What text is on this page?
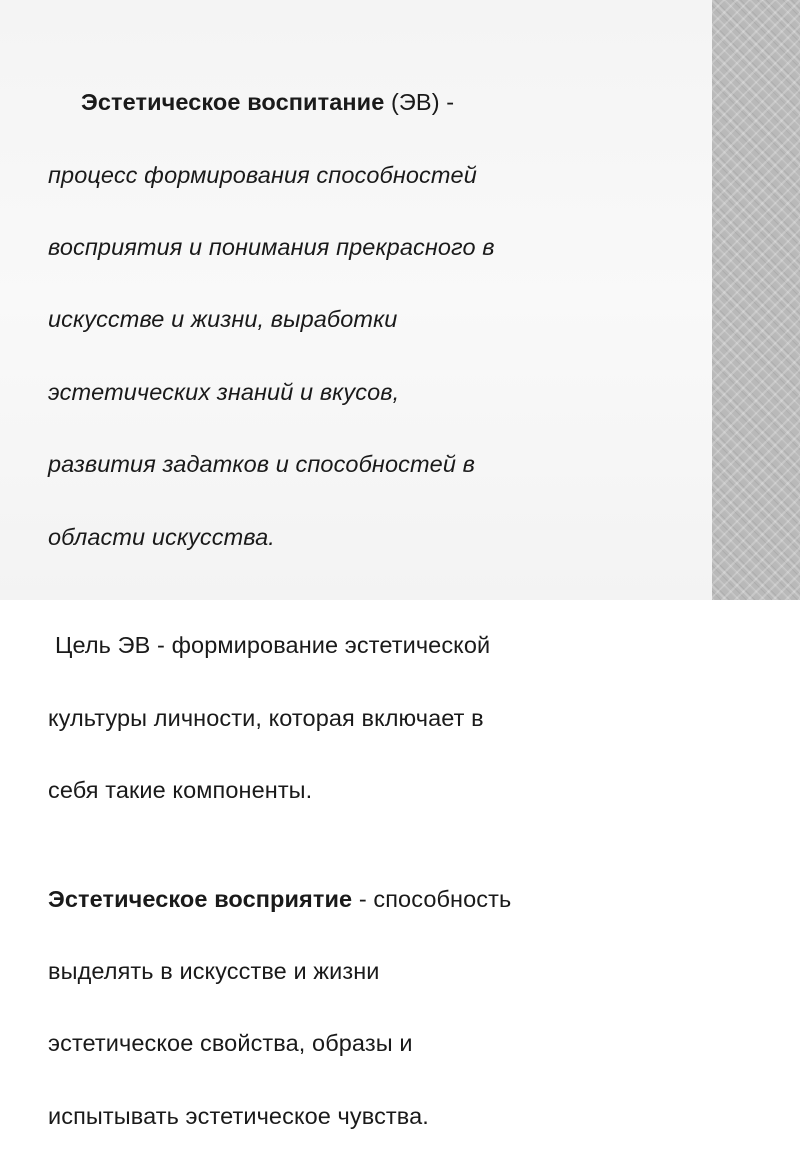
Эстетическое воспитание (ЭВ) -

процесс формирования способностей

восприятия и понимания прекрасного в

искусстве и жизни, выработки

эстетических знаний и вкусов,

развития задатков и способностей в

области искусства.

Цель ЭВ - формирование эстетической

культуры личности, которая включает в

себя такие компоненты.

Эстетическое восприятие - способность

выделять в искусстве и жизни

эстетическое свойства, образы и

испытывать эстетическое чувства.
